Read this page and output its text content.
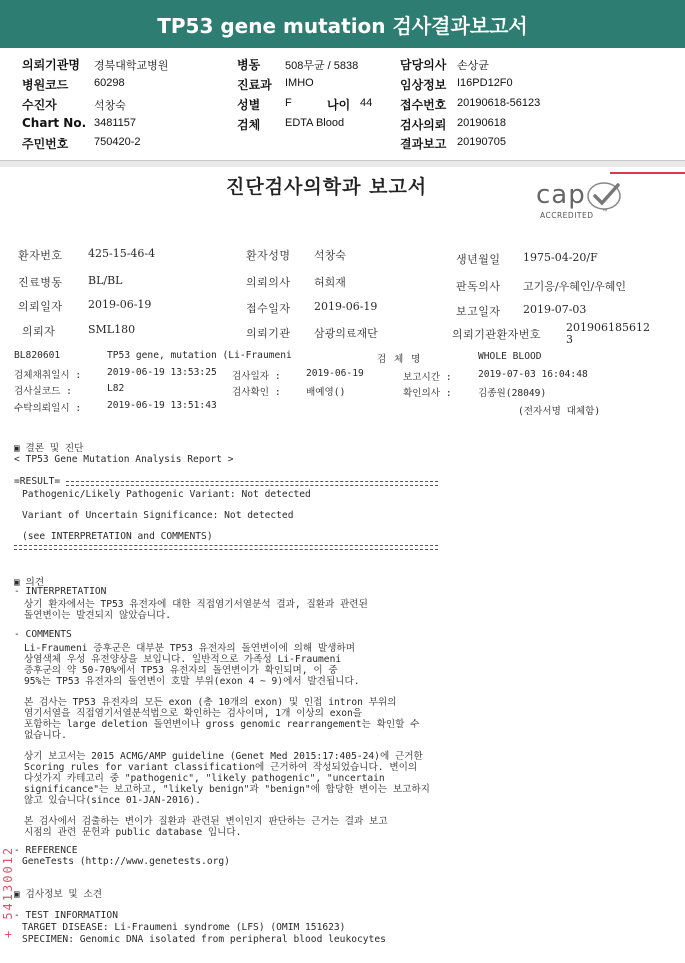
TP53 gene mutation 검사결과보고서
의뢰기관명 경북대학교병원	병동 508무균 / 5838	담당의사 손상균
병원코드 60298	진료과 IMHO	임상정보 I16PD12F0
수진자	석창숙	성별 F	나이 44 접수번호 20190618-56123
Chart No. 3481157	검체 EDTA Blood	검사의뢰 20190618
주민번호 750420-2	결과보고 20190705
진단검사의학과 보고서	cap
ACCREDITED ™
환자번호 425-15-46-4	환자성명 석창숙	생년월일 1975-04-20/F
진료병동 BL/BL	의뢰의사 허희재	판독의사 고기응/우혜인/우혜인
의뢰일자 2019-06-19	접수일자 2019-06-19	보고일자 2019-07-03
의뢰자	SML180	의뢰기관 삼광의료재단	의뢰기관환자번호
201906185612
3
BL820601	TP53 gene, mutation (Li-Fraumeni	검 체 명	WHOLE BLOOD
검체채취일시 :	2019-06-19 13:53:25 검사일자 :	2019-06-19	보고시간 :	2019-07-03 16:04:48
검사실코드 :	L82	검사확인 :	배예영()	확인의사 :	김종원(28049)
수탁의뢰일시 :	2019-06-19 13:51:43
(전자서명 대체함)
▣ 결론 및 진단
< TP53 Gene Mutation Analysis Report >
=RESULT=
Pathogenic/Likely Pathogenic Variant: Not detected
Variant of Uncertain Significance: Not detected
(see INTERPRETATION and COMMENTS)
▣ 의견
- INTERPRETATION
상기 환자에서는 TP53 유전자에 대한 직접염기서열분석 결과, 질환과 관련된
돌연변이는 발견되지 않았습니다.
- COMMENTS
Li-Fraumeni 증후군은 대부분 TP53 유전자의 돌연변이에 의해 발생하며
상염색체 우성 유전양상을 보입니다. 일반적으로 가족성 Li-Fraumeni
증후군의 약 50-70%에서 TP53 유전자의 돌연변이가 확인되며, 이 중
95%는 TP53 유전자의 돌연변이 호발 부위(exon 4 ~ 9)에서 발견됩니다.
본 검사는 TP53 유전자의 모든 exon (총 10개의 exon) 및 인접 intron 부위의
염기서열을 직접염기서열분석법으로 확인하는 검사이며, 1개 이상의 exon을
포함하는 large deletion 돌연변이나 gross genomic rearrangement는 확인할 수
없습니다.
상기 보고서는 2015 ACMG/AMP guideline (Genet Med 2015:17:405-24)에 근거한
Scoring rules for variant classification에 근거하여 작성되었습니다. 변이의
다섯가지 카테고리 중 "pathogenic", "likely pathogenic", "uncertain
significance"는 보고하고, "likely benign"과 "benign"에 합당한 변이는 보고하지
않고 있습니다(since 01-JAN-2016).
본 검사에서 검출하는 변이가 질환과 관련된 변이인지 판단하는 근거는 결과 보고
시점의 관련 문헌과 public database 입니다.
- REFERENCE
GeneTests (http://www.genetests.org)
▣ 검사정보 및 소견
- TEST INFORMATION
TARGET DISEASE: Li-Fraumeni syndrome (LFS) (OMIM 151623)
SPECIMEN: Genomic DNA isolated from peripheral blood leukocytes
+ 54130012
